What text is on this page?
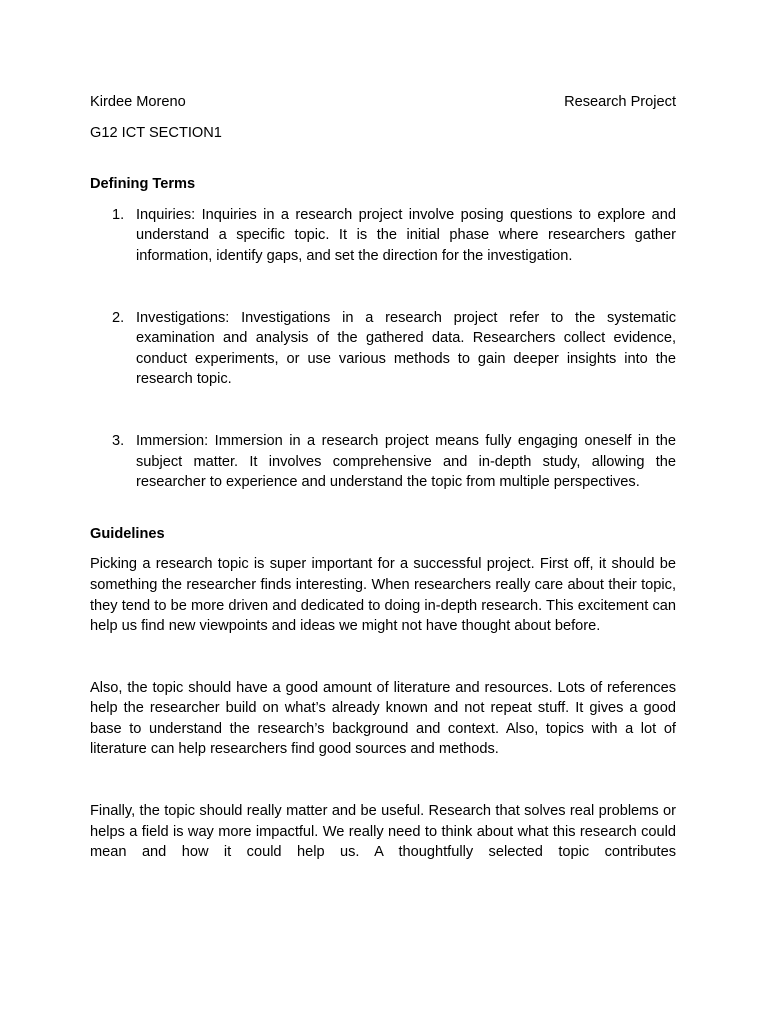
Kirdee Moreno	Research Project
G12 ICT SECTION1
Defining Terms
1. Inquiries: Inquiries in a research project involve posing questions to explore and understand a specific topic. It is the initial phase where researchers gather information, identify gaps, and set the direction for the investigation.
2. Investigations: Investigations in a research project refer to the systematic examination and analysis of the gathered data. Researchers collect evidence, conduct experiments, or use various methods to gain deeper insights into the research topic.
3. Immersion: Immersion in a research project means fully engaging oneself in the subject matter. It involves comprehensive and in-depth study, allowing the researcher to experience and understand the topic from multiple perspectives.
Guidelines
Picking a research topic is super important for a successful project. First off, it should be something the researcher finds interesting. When researchers really care about their topic, they tend to be more driven and dedicated to doing in-depth research. This excitement can help us find new viewpoints and ideas we might not have thought about before.
Also, the topic should have a good amount of literature and resources. Lots of references help the researcher build on what’s already known and not repeat stuff. It gives a good base to understand the research’s background and context. Also, topics with a lot of literature can help researchers find good sources and methods.
Finally, the topic should really matter and be useful. Research that solves real problems or helps a field is way more impactful. We really need to think about what this research could mean and how it could help us. A thoughtfully selected topic contributes
